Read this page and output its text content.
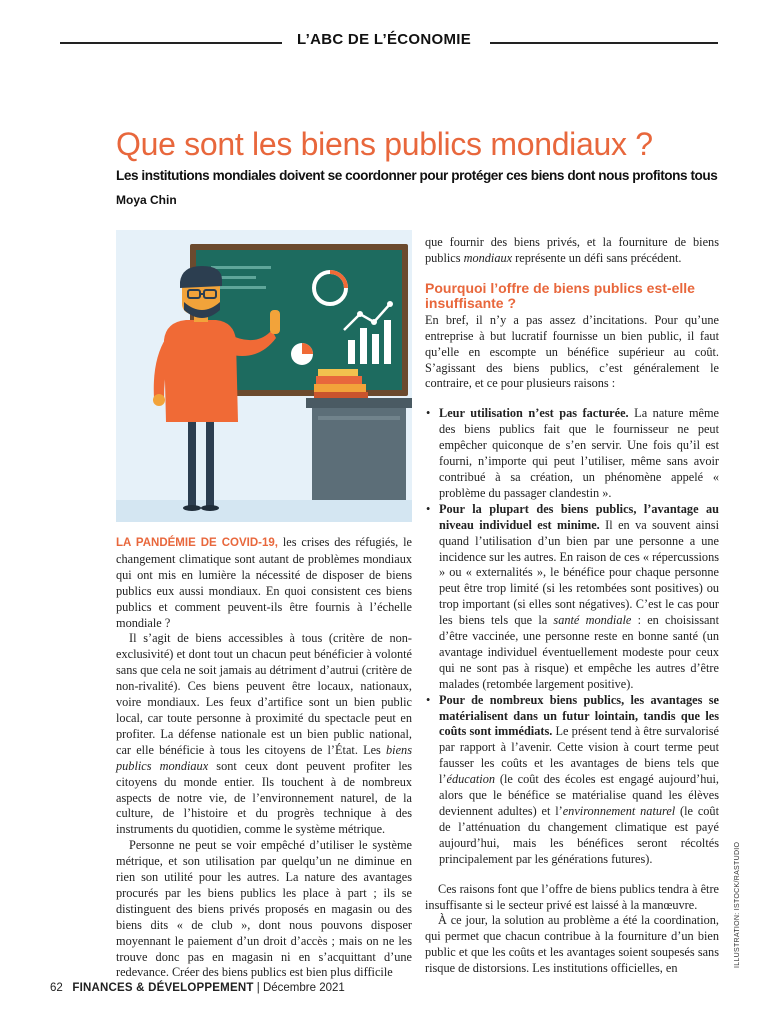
L’ABC DE L’ÉCONOMIE
Que sont les biens publics mondiaux ?
Les institutions mondiales doivent se coordonner pour protéger ces biens dont nous profitons tous
Moya Chin

LA PANDÉMIE DE COVID-19, les crises des réfugiés, le changement climatique sont autant de problèmes mondiaux qui ont mis en lumière la nécessité de disposer de biens publics eux aussi mondiaux. En quoi consistent ces biens publics et comment peuvent-ils être fournis à l’échelle mondiale ?

Il s’agit de biens accessibles à tous (critère de non-exclusivité) et dont tout un chacun peut bénéficier à volonté sans que cela ne soit jamais au détriment d’autrui (critère de non-rivalité). Ces biens peuvent être locaux, nationaux, voire mondiaux. Les feux d’artifice sont un bien public local, car toute personne à proximité du spectacle peut en profiter. La défense nationale est un bien public national, car elle bénéficie à tous les citoyens de l’État. Les biens publics mondiaux sont ceux dont peuvent profiter les citoyens du monde entier. Ils touchent à de nombreux aspects de notre vie, de l’environnement naturel, de la culture, de l’histoire et du progrès technique à des instruments du quotidien, comme le système métrique.

Personne ne peut se voir empêché d’utiliser le système métrique, et son utilisation par quelqu’un ne diminue en rien son utilité pour les autres. La nature des avantages procurés par les biens publics les place à part ; ils se distinguent des biens privés proposés en magasin ou des biens dits « de club », dont nous pouvons disposer moyennant le paiement d’un droit d’accès ; mais on ne les trouve donc pas en magasin ni en s’acquittant d’une redevance. Créer des biens publics est bien plus difficile

que fournir des biens privés, et la fourniture de biens publics mondiaux représente un défi sans précédent.

Pourquoi l’offre de biens publics est-elle insuffisante ?

En bref, il n’y a pas assez d’incitations. Pour qu’une entreprise à but lucratif fournisse un bien public, il faut qu’elle en escompte un bénéfice supérieur au coût. S’agissant des biens publics, c’est généralement le contraire, et ce pour plusieurs raisons :

• Leur utilisation n’est pas facturée. La nature même des biens publics fait que le fournisseur ne peut empêcher quiconque de s’en servir. Une fois qu’il est fourni, n’importe qui peut l’utiliser, même sans avoir contribué à sa création, un phénomène appelé « problème du passager clandestin ».
• Pour la plupart des biens publics, l’avantage au niveau individuel est minime. Il en va souvent ainsi quand l’utilisation d’un bien par une personne a une incidence sur les autres. En raison de ces « répercussions » ou « externalités », le bénéfice pour chaque personne peut être trop limité (si les retombées sont positives) ou trop important (si elles sont négatives). C’est le cas pour les biens tels que la santé mondiale : en choisissant d’être vaccinée, une personne reste en bonne santé (un avantage individuel éventuellement modeste pour ceux qui ne sont pas à risque) et empêche les autres d’être malades (retombée largement positive).
• Pour de nombreux biens publics, les avantages se matérialisent dans un futur lointain, tandis que les coûts sont immédiats. Le présent tend à être survalorisé par rapport à l’avenir. Cette vision à court terme peut fausser les coûts et les avantages de biens tels que l’éducation (le coût des écoles est engagé aujourd’hui, alors que le bénéfice se matérialise quand les élèves deviennent adultes) et l’environnement naturel (le coût de l’atténuation du changement climatique est payé aujourd’hui, mais les bénéfices seront récoltés principalement par les générations futures).

Ces raisons font que l’offre de biens publics tendra à être insuffisante si le secteur privé est laissé à la manœuvre.

À ce jour, la solution au problème a été la coordination, qui permet que chacun contribue à la fourniture d’un bien public et que les coûts et les avantages soient soupesés sans risque de distorsions. Les institutions officielles, en

ILLUSTRATION: ISTOCK/RASTUDIO
62 FINANCES & DÉVELOPPEMENT | Décembre 2021
